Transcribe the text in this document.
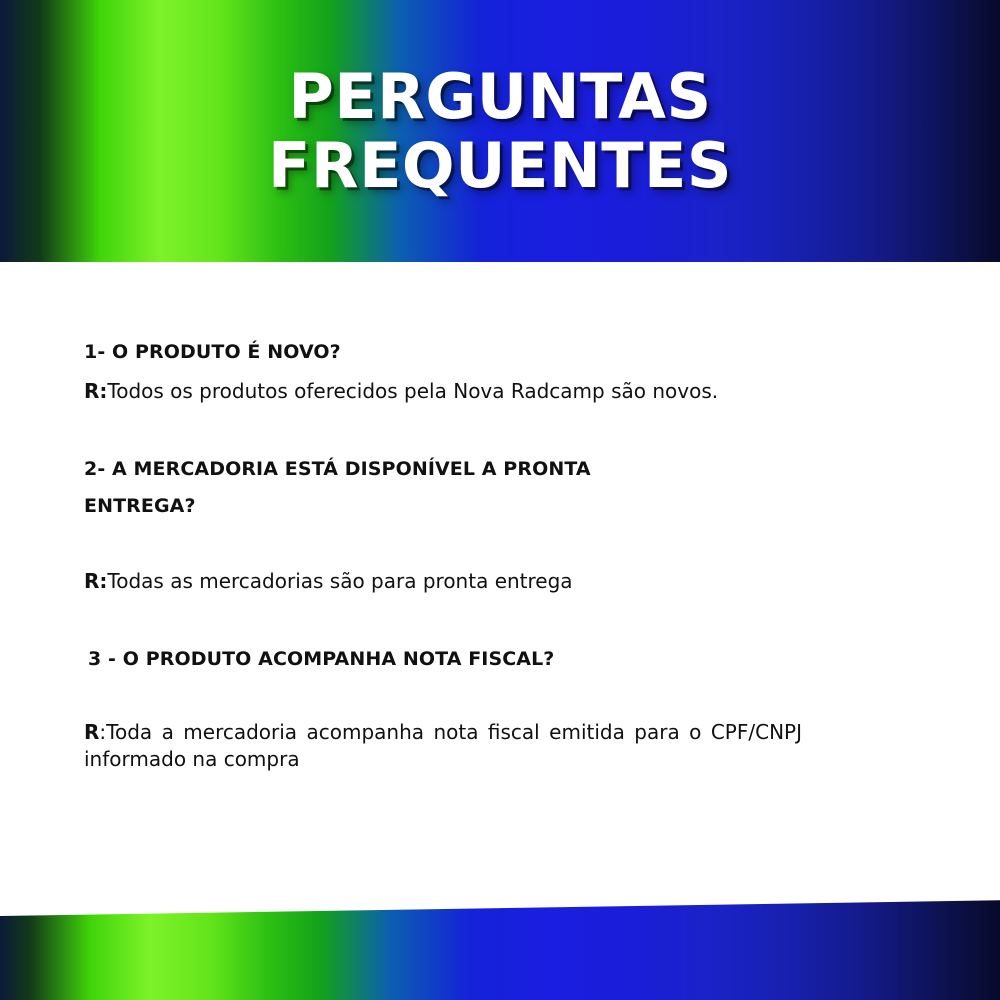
PERGUNTAS
FREQUENTES

1- O PRODUTO É NOVO?

R:Todos os produtos oferecidos pela Nova Radcamp são novos.

2- A MERCADORIA ESTÁ DISPONÍVEL A PRONTA

ENTREGA?

R:Todas as mercadorias são para pronta entrega

3 - O PRODUTO ACOMPANHA NOTA FISCAL?

R:Toda a mercadoria acompanha nota fiscal emitida para o CPF/CNPJ informado na compra
